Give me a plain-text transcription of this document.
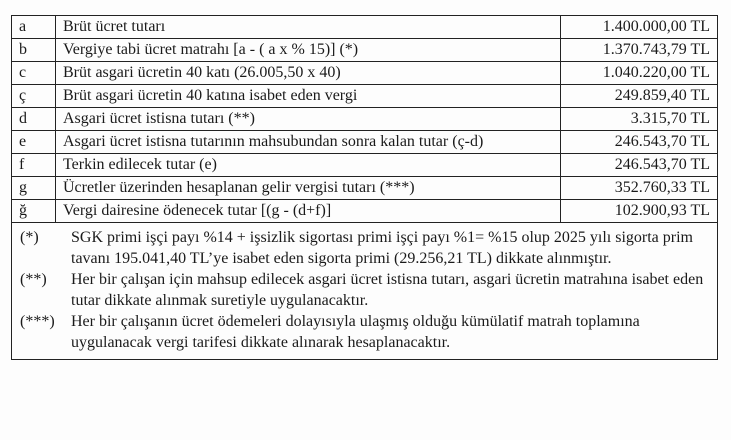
a	Brüt ücret tutarı	1.400.000,00 TL
b	Vergiye tabi ücret matrahı [a - ( a x % 15)] (*)	1.370.743,79 TL
c	Brüt asgari ücretin 40 katı (26.005,50 x 40)	1.040.220,00 TL
ç	Brüt asgari ücretin 40 katına isabet eden vergi	249.859,40 TL
d	Asgari ücret istisna tutarı (**)	3.315,70 TL
e	Asgari ücret istisna tutarının mahsubundan sonra kalan tutar (ç-d)	246.543,70 TL
f	Terkin edilecek tutar (e)	246.543,70 TL
g	Ücretler üzerinden hesaplanan gelir vergisi tutarı (***)	352.760,33 TL
ğ	Vergi dairesine ödenecek tutar [(g - (d+f)]	102.900,93 TL
(*)	SGK primi işçi payı %14 + işsizlik sigortası primi işçi payı %1= %15 olup 2025 yılı sigorta prim tavanı 195.041,40 TL’ye isabet eden sigorta primi (29.256,21 TL) dikkate alınmıştır.
(**)	Her bir çalışan için mahsup edilecek asgari ücret istisna tutarı, asgari ücretin matrahına isabet eden tutar dikkate alınmak suretiyle uygulanacaktır.
(***)	Her bir çalışanın ücret ödemeleri dolayısıyla ulaşmış olduğu kümülatif matrah toplamına uygulanacak vergi tarifesi dikkate alınarak hesaplanacaktır.
